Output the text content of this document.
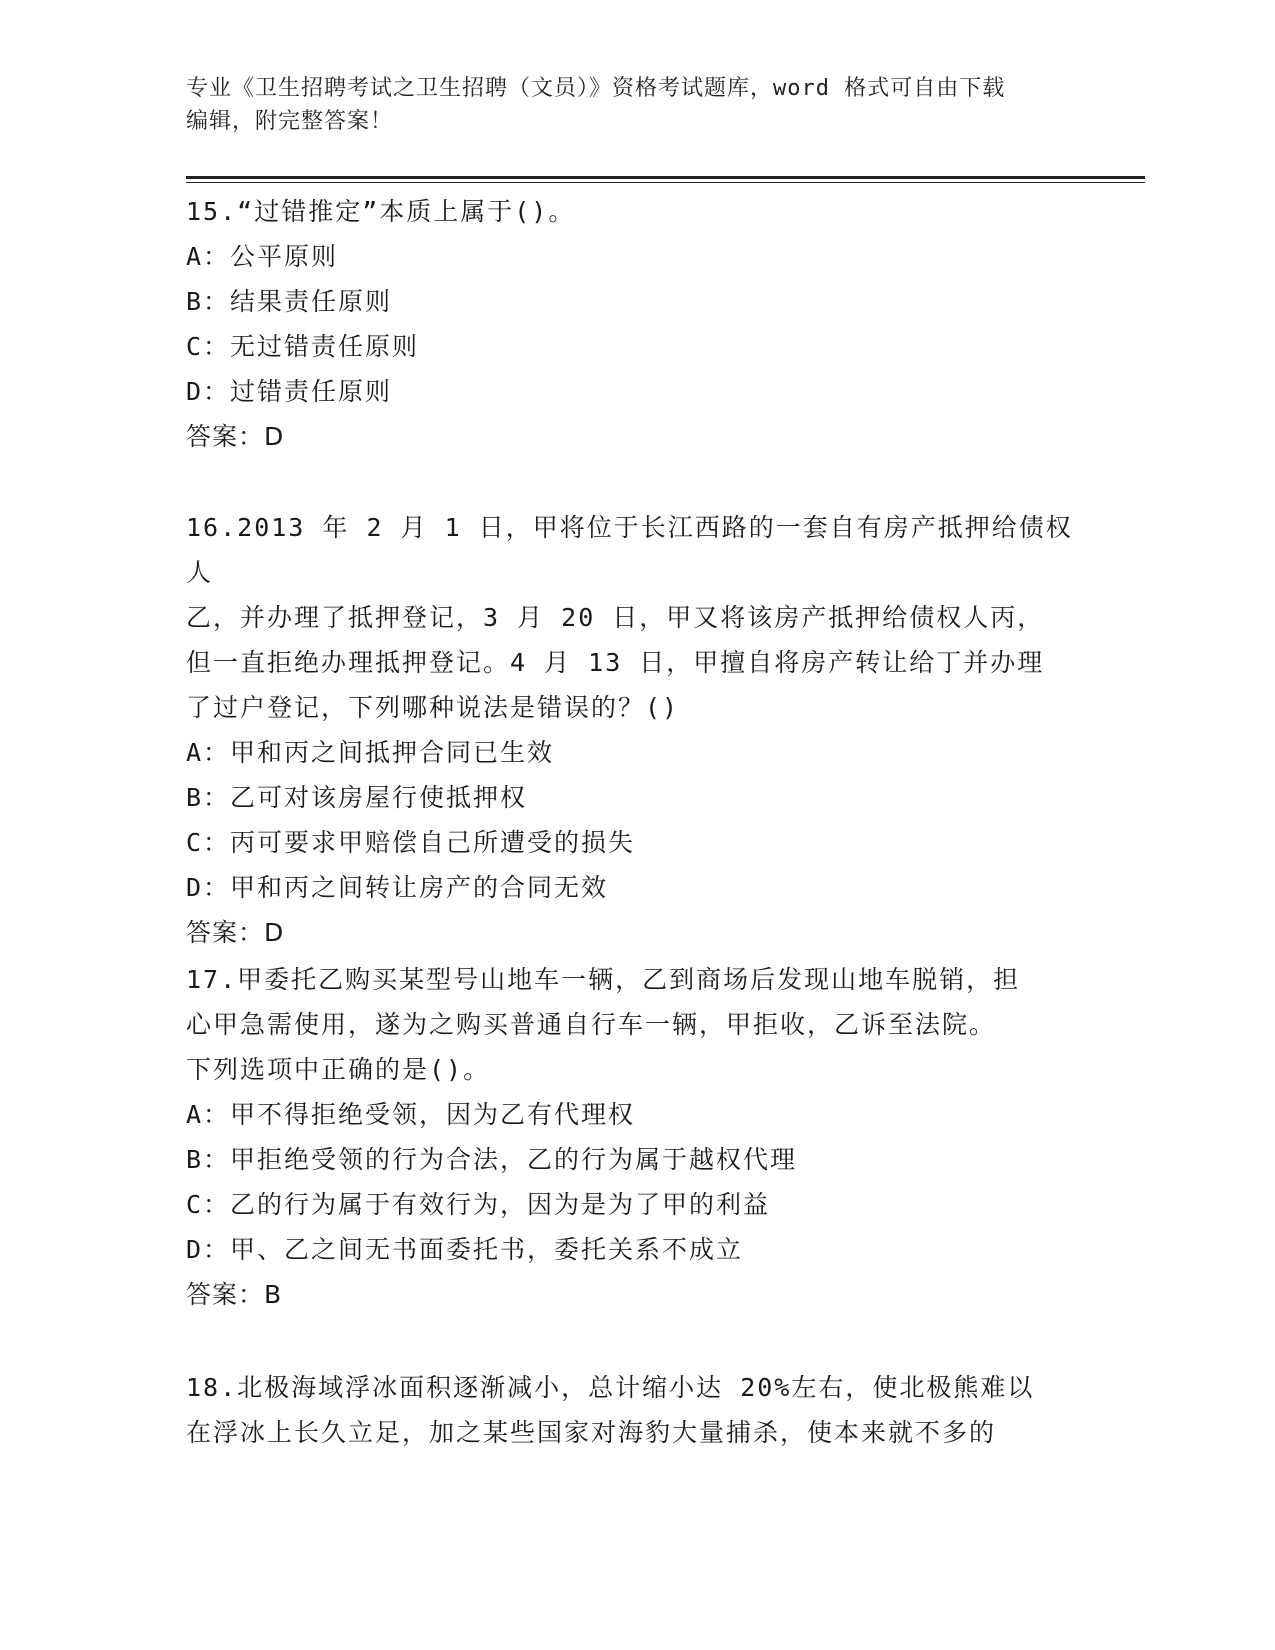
专业《卫生招聘考试之卫生招聘（文员）》资格考试题库，word 格式可自由下载
编辑，附完整答案！
15.“过错推定”本质上属于()。
A：公平原则
B：结果责任原则
C：无过错责任原则
D：过错责任原则
答案：D
16.2013 年 2 月 1 日，甲将位于长江西路的一套自有房产抵押给债权人
乙，并办理了抵押登记，3 月 20 日，甲又将该房产抵押给债权人丙，
但一直拒绝办理抵押登记。4 月 13 日，甲擅自将房产转让给丁并办理
了过户登记，下列哪种说法是错误的？()
A：甲和丙之间抵押合同已生效
B：乙可对该房屋行使抵押权
C：丙可要求甲赔偿自己所遭受的损失
D：甲和丙之间转让房产的合同无效
答案：D
17.甲委托乙购买某型号山地车一辆，乙到商场后发现山地车脱销，担
心甲急需使用，遂为之购买普通自行车一辆，甲拒收，乙诉至法院。
下列选项中正确的是()。
A：甲不得拒绝受领，因为乙有代理权
B：甲拒绝受领的行为合法，乙的行为属于越权代理
C：乙的行为属于有效行为，因为是为了甲的利益
D：甲、乙之间无书面委托书，委托关系不成立
答案：B
18.北极海域浮冰面积逐渐减小，总计缩小达 20%左右，使北极熊难以
在浮冰上长久立足，加之某些国家对海豹大量捕杀，使本来就不多的
